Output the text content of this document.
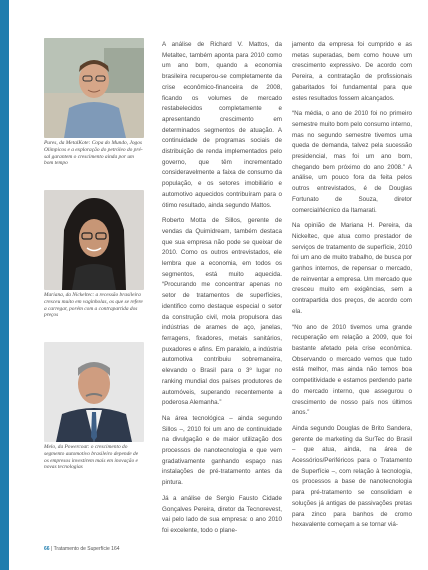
Pures, da MetalKote: Copa do Mundo, Jogos Olímpicos e a exploração do petróleo do pré-sal garantem o crescimento ainda por um bom tempo
Mariana, da Nickeltec: a recessão brasileira cresceu muito em vaginholas, os que se refere a carregar, porém com a contrapartida dos preços
Melo, da Powercoat: o crescimento do segmento automotivo brasileiro depende de os empresos investirem mais em inovação e novas tecnologias

A análise de Richard V. Mattos, da Metaltec, também aponta para 2010 como um ano bom, quando a economia brasileira recuperou-se completamente da crise econômico-financeira de 2008, ficando os volumes de mercado restabelecidos completamente e apresentando crescimento em determinados segmentos de atuação. A continuidade de programas sociais de distribuição de renda implementados pelo governo, que têm incrementado consideravelmente a faixa de consumo da população, e os setores imobiliário e automotivo aquecidos contribuíram para o ótimo resultado, ainda segundo Mattos.

Roberto Motta de Sillos, gerente de vendas da Quimidream, também destaca que sua empresa não pode se queixar de 2010. Como os outros entrevistados, ele lembra que a economia, em todos os segmentos, está muito aquecida. “Procurando me concentrar apenas no setor de tratamentos de superfícies, identifico como destaque especial o setor da construção civil, mola propulsora das indústrias de arames de aço, janelas, ferragens, fixadores, metais sanitários, puxadores e afins. Em paralelo, a indústria automotiva contribuiu sobremaneira, elevando o Brasil para o 3º lugar no ranking mundial dos países produtores de automóveis, superando recentemente a poderosa Alemanha.”

Na área tecnológica – ainda segundo Sillos –, 2010 foi um ano de continuidade na divulgação e de maior utilização dos processos de nanotecnologia e que vem gradativamente ganhando espaço nas instalações de pré-tratamento antes da pintura.

Já a análise de Sergio Fausto Cidade Gonçalves Pereira, diretor da Tecnorevest, vai pelo lado de sua empresa: o ano 2010 foi excelente, todo o plane-

jamento da empresa foi cumprido e as metas superadas, bem como houve um crescimento expressivo. De acordo com Pereira, a contratação de profissionais gabaritados foi fundamental para que estes resultados fossem alcançados.

“Na média, o ano de 2010 foi no primeiro semestre muito bom pelo consumo interno, mas no segundo semestre tivemos uma queda de demanda, talvez pela sucessão presidencial, mas foi um ano bom, chegando bem próximo do ano 2008.” A análise, um pouco fora da feita pelos outros entrevistados, é de Douglas Fortunato de Souza, diretor comercial/técnico da Itamarati.

Na opinião de Mariana H. Pereira, da Nickeltec, que atua como prestador de serviços de tratamento de superfície, 2010 foi um ano de muito trabalho, de busca por ganhos internos, de repensar o mercado, de reinventar a empresa. Um mercado que cresceu muito em exigências, sem a contrapartida dos preços, de acordo com ela.

“No ano de 2010 tivemos uma grande recuperação em relação a 2009, que foi bastante afetado pela crise econômica. Observando o mercado vemos que tudo está melhor, mas ainda não temos boa competitividade e estamos perdendo parte do mercado interno, que assegurou o crescimento de nosso país nos últimos anos.”

Ainda segundo Douglas de Brito Sandera, gerente de marketing da SurTec do Brasil – que atua, ainda, na área de Acessórios/Periféricos para o Tratamento de Superfície –, com relação à tecnologia, os processos a base de nanotecnologia para pré-tratamento se consolidam e soluções já antigas de passivações pretas para zinco para banhos de cromo hexavalente começam a se tornar viá-

66 | Tratamento de Superfície 164
